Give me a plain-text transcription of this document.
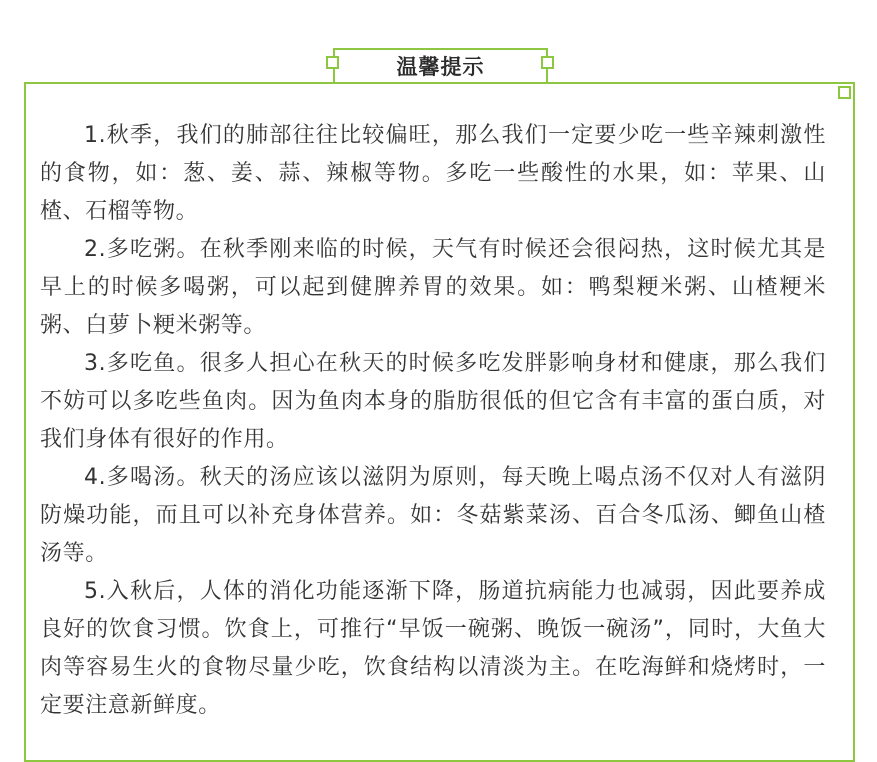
温馨提示

1.秋季，我们的肺部往往比较偏旺，那么我们一定要少吃一些辛辣刺激性的食物，如：葱、姜、蒜、辣椒等物。多吃一些酸性的水果，如：苹果、山楂、石榴等物。

2.多吃粥。在秋季刚来临的时候，天气有时候还会很闷热，这时候尤其是早上的时候多喝粥，可以起到健脾养胃的效果。如：鸭梨粳米粥、山楂粳米粥、白萝卜粳米粥等。

3.多吃鱼。很多人担心在秋天的时候多吃发胖影响身材和健康，那么我们不妨可以多吃些鱼肉。因为鱼肉本身的脂肪很低的但它含有丰富的蛋白质，对我们身体有很好的作用。

4.多喝汤。秋天的汤应该以滋阴为原则，每天晚上喝点汤不仅对人有滋阴防燥功能，而且可以补充身体营养。如：冬菇紫菜汤、百合冬瓜汤、鲫鱼山楂汤等。

5.入秋后，人体的消化功能逐渐下降，肠道抗病能力也减弱，因此要养成良好的饮食习惯。饮食上，可推行“早饭一碗粥、晚饭一碗汤”，同时，大鱼大肉等容易生火的食物尽量少吃，饮食结构以清淡为主。在吃海鲜和烧烤时，一定要注意新鲜度。
